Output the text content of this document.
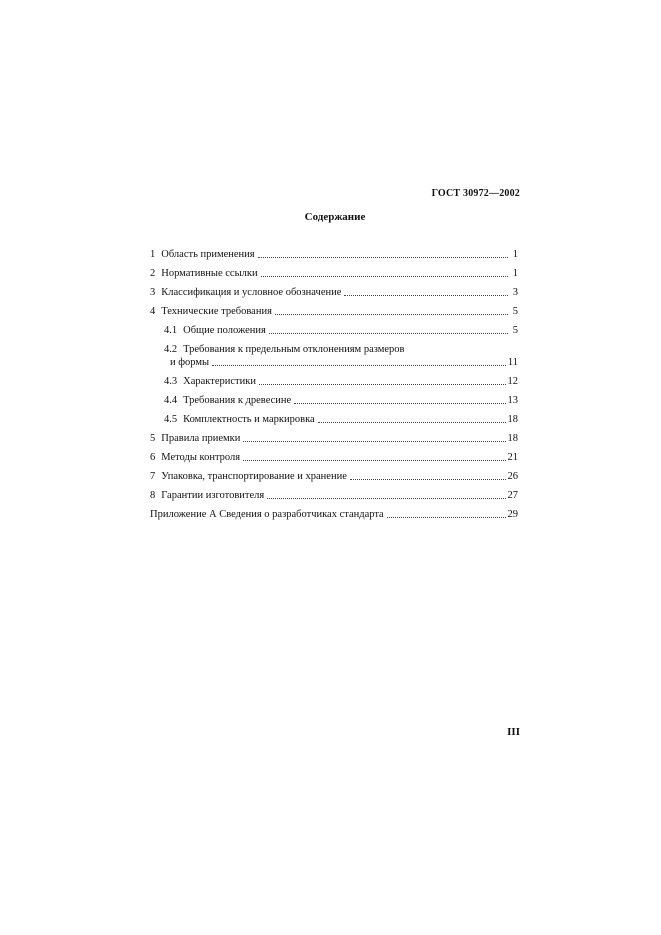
ГОСТ 30972—2002
Содержание
1 Область применения	1
2 Нормативные ссылки	1
3 Классификация и условное обозначение	3
4 Технические требования	5
4.1 Общие положения	5
4.2 Требования к предельным отклонениям размеров
и формы	11
4.3 Характеристики	12
4.4 Требования к древесине	13
4.5 Комплектность и маркировка	18
5 Правила приемки	18
6 Методы контроля	21
7 Упаковка, транспортирование и хранение	26
8 Гарантии изготовителя	27
Приложение А Сведения о разработчиках стандарта	29
III
